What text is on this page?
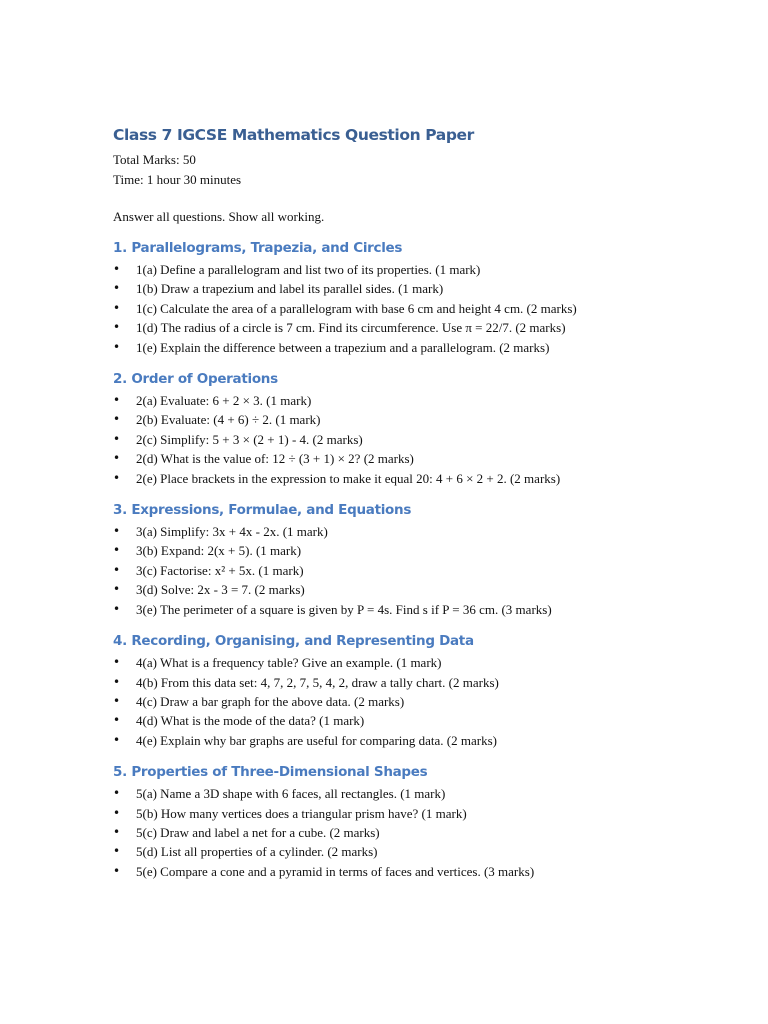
Class 7 IGCSE Mathematics Question Paper

Total Marks: 50

Time: 1 hour 30 minutes

Answer all questions. Show all working.

1. Parallelograms, Trapezia, and Circles
• 1(a) Define a parallelogram and list two of its properties. (1 mark)
• 1(b) Draw a trapezium and label its parallel sides. (1 mark)
• 1(c) Calculate the area of a parallelogram with base 6 cm and height 4 cm. (2 marks)
• 1(d) The radius of a circle is 7 cm. Find its circumference. Use π = 22/7. (2 marks)
• 1(e) Explain the difference between a trapezium and a parallelogram. (2 marks)
2. Order of Operations
• 2(a) Evaluate: 6 + 2 × 3. (1 mark)
• 2(b) Evaluate: (4 + 6) ÷ 2. (1 mark)
• 2(c) Simplify: 5 + 3 × (2 + 1) - 4. (2 marks)
• 2(d) What is the value of: 12 ÷ (3 + 1) × 2? (2 marks)
• 2(e) Place brackets in the expression to make it equal 20: 4 + 6 × 2 + 2. (2 marks)
3. Expressions, Formulae, and Equations
• 3(a) Simplify: 3x + 4x - 2x. (1 mark)
• 3(b) Expand: 2(x + 5). (1 mark)
• 3(c) Factorise: x² + 5x. (1 mark)
• 3(d) Solve: 2x - 3 = 7. (2 marks)
• 3(e) The perimeter of a square is given by P = 4s. Find s if P = 36 cm. (3 marks)
4. Recording, Organising, and Representing Data
• 4(a) What is a frequency table? Give an example. (1 mark)
• 4(b) From this data set: 4, 7, 2, 7, 5, 4, 2, draw a tally chart. (2 marks)
• 4(c) Draw a bar graph for the above data. (2 marks)
• 4(d) What is the mode of the data? (1 mark)
• 4(e) Explain why bar graphs are useful for comparing data. (2 marks)
5. Properties of Three-Dimensional Shapes
• 5(a) Name a 3D shape with 6 faces, all rectangles. (1 mark)
• 5(b) How many vertices does a triangular prism have? (1 mark)
• 5(c) Draw and label a net for a cube. (2 marks)
• 5(d) List all properties of a cylinder. (2 marks)
• 5(e) Compare a cone and a pyramid in terms of faces and vertices. (3 marks)
